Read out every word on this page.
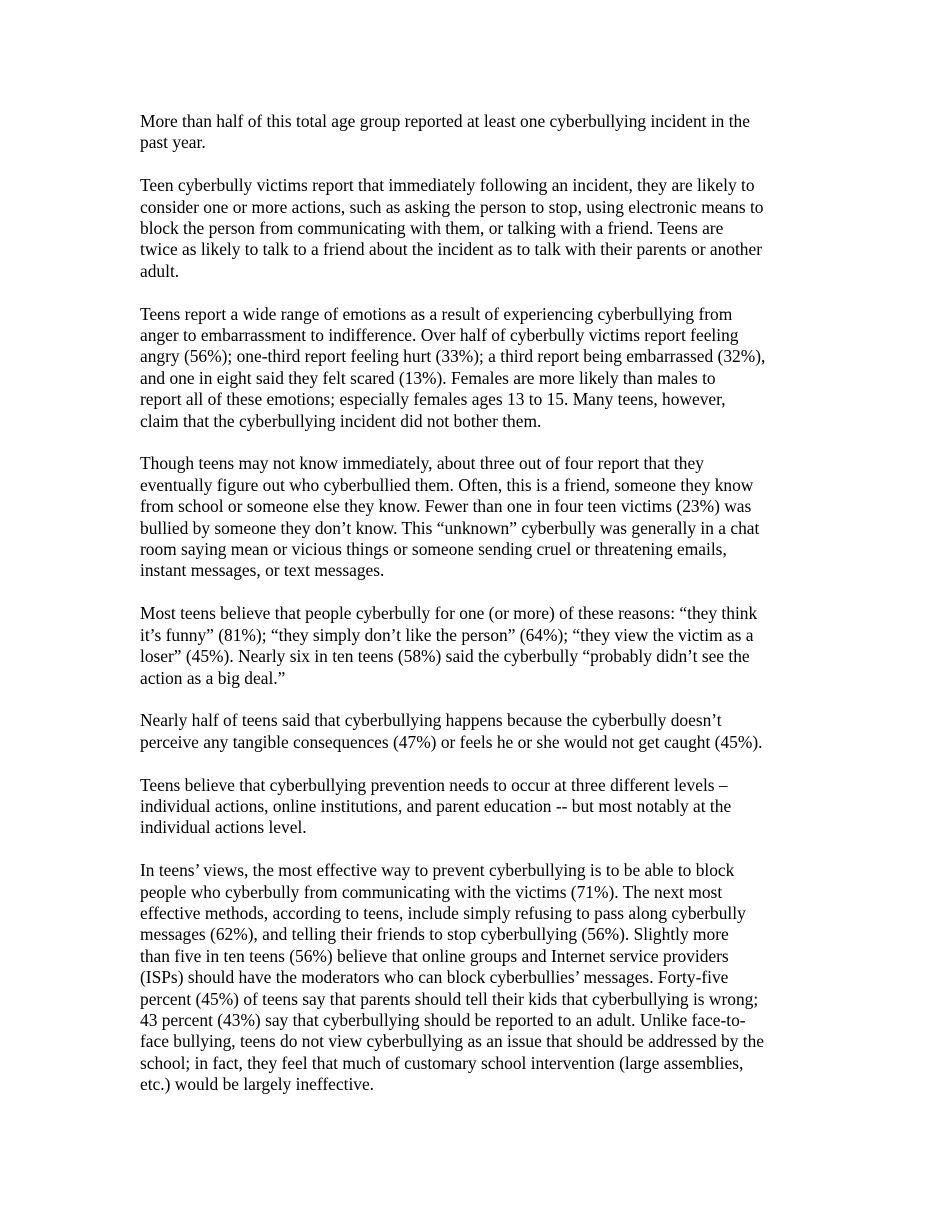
More than half of this total age group reported at least one cyberbullying incident in the
past year.

Teen cyberbully victims report that immediately following an incident, they are likely to
consider one or more actions, such as asking the person to stop, using electronic means to
block the person from communicating with them, or talking with a friend. Teens are
twice as likely to talk to a friend about the incident as to talk with their parents or another
adult.

Teens report a wide range of emotions as a result of experiencing cyberbullying from
anger to embarrassment to indifference. Over half of cyberbully victims report feeling
angry (56%); one-third report feeling hurt (33%); a third report being embarrassed (32%),
and one in eight said they felt scared (13%). Females are more likely than males to
report all of these emotions; especially females ages 13 to 15. Many teens, however,
claim that the cyberbullying incident did not bother them.

Though teens may not know immediately, about three out of four report that they
eventually figure out who cyberbullied them. Often, this is a friend, someone they know
from school or someone else they know. Fewer than one in four teen victims (23%) was
bullied by someone they don’t know. This “unknown” cyberbully was generally in a chat
room saying mean or vicious things or someone sending cruel or threatening emails,
instant messages, or text messages.

Most teens believe that people cyberbully for one (or more) of these reasons: “they think
it’s funny” (81%); “they simply don’t like the person” (64%); “they view the victim as a
loser” (45%). Nearly six in ten teens (58%) said the cyberbully “probably didn’t see the
action as a big deal.”

Nearly half of teens said that cyberbullying happens because the cyberbully doesn’t
perceive any tangible consequences (47%) or feels he or she would not get caught (45%).

Teens believe that cyberbullying prevention needs to occur at three different levels –
individual actions, online institutions, and parent education -- but most notably at the
individual actions level.

In teens’ views, the most effective way to prevent cyberbullying is to be able to block
people who cyberbully from communicating with the victims (71%). The next most
effective methods, according to teens, include simply refusing to pass along cyberbully
messages (62%), and telling their friends to stop cyberbullying (56%). Slightly more
than five in ten teens (56%) believe that online groups and Internet service providers
(ISPs) should have the moderators who can block cyberbullies’ messages. Forty-five
percent (45%) of teens say that parents should tell their kids that cyberbullying is wrong;
43 percent (43%) say that cyberbullying should be reported to an adult. Unlike face-to-
face bullying, teens do not view cyberbullying as an issue that should be addressed by the
school; in fact, they feel that much of customary school intervention (large assemblies,
etc.) would be largely ineffective.
